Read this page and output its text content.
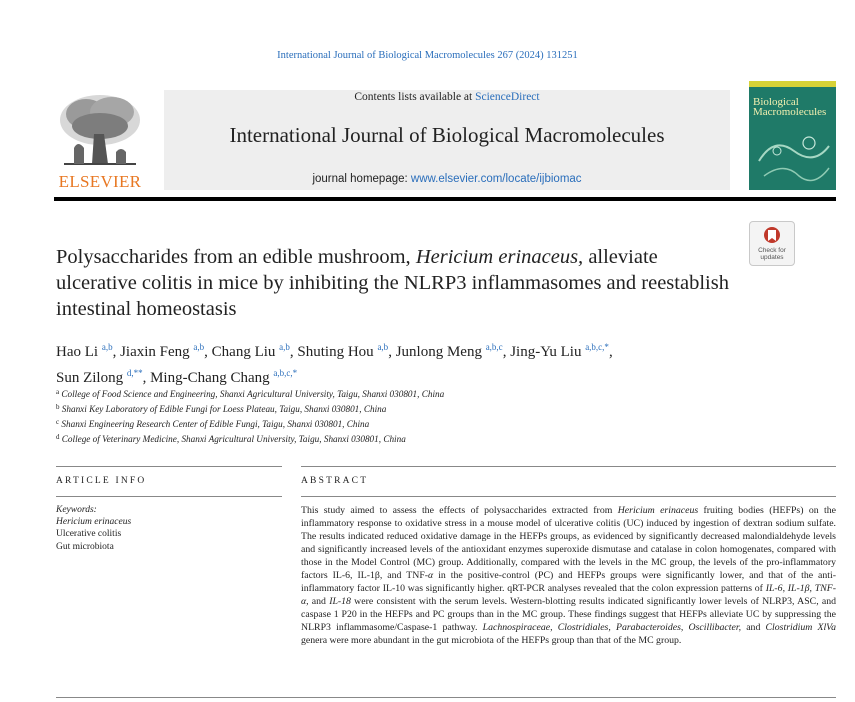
International Journal of Biological Macromolecules 267 (2024) 131251
ELSEVIER
Contents lists available at ScienceDirect
International Journal of Biological Macromolecules
journal homepage: www.elsevier.com/locate/ijbiomac
Biological
Macromolecules
Check for
updates
Polysaccharides from an edible mushroom, Hericium erinaceus, alleviate ulcerative colitis in mice by inhibiting the NLRP3 inflammasomes and reestablish intestinal homeostasis
Hao Li $^{a,b}$, Jiaxin Feng $^{a,b}$, Chang Liu $^{a,b}$, Shuting Hou $^{a,b}$, Junlong Meng $^{a,b,c}$, Jing-Yu Liu $^{a,b,c,*}$,
Sun Zilong $^{d,**}$, Ming-Chang Chang $^{a,b,c,*}$
$^a$ College of Food Science and Engineering, Shanxi Agricultural University, Taigu, Shanxi 030801, China
$^b$ Shanxi Key Laboratory of Edible Fungi for Loess Plateau, Taigu, Shanxi 030801, China
$^c$ Shanxi Engineering Research Center of Edible Fungi, Taigu, Shanxi 030801, China
$^d$ College of Veterinary Medicine, Shanxi Agricultural University, Taigu, Shanxi 030801, China
ARTICLE INFO
Keywords:
Hericium erinaceus
Ulcerative colitis
Gut microbiota
ABSTRACT
This study aimed to assess the effects of polysaccharides extracted from Hericium erinaceus fruiting bodies (HEFPs) on the inflammatory response to oxidative stress in a mouse model of ulcerative colitis (UC) induced by ingestion of dextran sodium sulfate. The results indicated reduced oxidative damage in the HEFPs groups, as evidenced by significantly decreased malondialdehyde levels and significantly increased levels of the antioxidant enzymes superoxide dismutase and catalase in colon homogenates, compared with those in the Model Control (MC) group. Additionally, compared with the levels in the MC group, the levels of the pro-inflammatory factors IL-6, IL-1β, and TNF-α in the positive-control (PC) and HEFPs groups were significantly lower, and that of the anti-inflammatory factor IL-10 was significantly higher. qRT-PCR analyses revealed that the colon expression patterns of IL-6, IL-1β, TNF-α, and IL-18 were consistent with the serum levels. Western-blotting results indicated significantly lower levels of NLRP3, ASC, and caspase 1 P20 in the HEFPs and PC groups than in the MC group. These findings suggest that HEFPs alleviate UC by suppressing the NLRP3 inflammasome/Caspase-1 pathway. Lachnospiraceae, Clostridiales, Parabacteroides, Oscillibacter, and Clostridium XlVa genera were more abundant in the gut microbiota of the HEFPs group than that of the MC group.
